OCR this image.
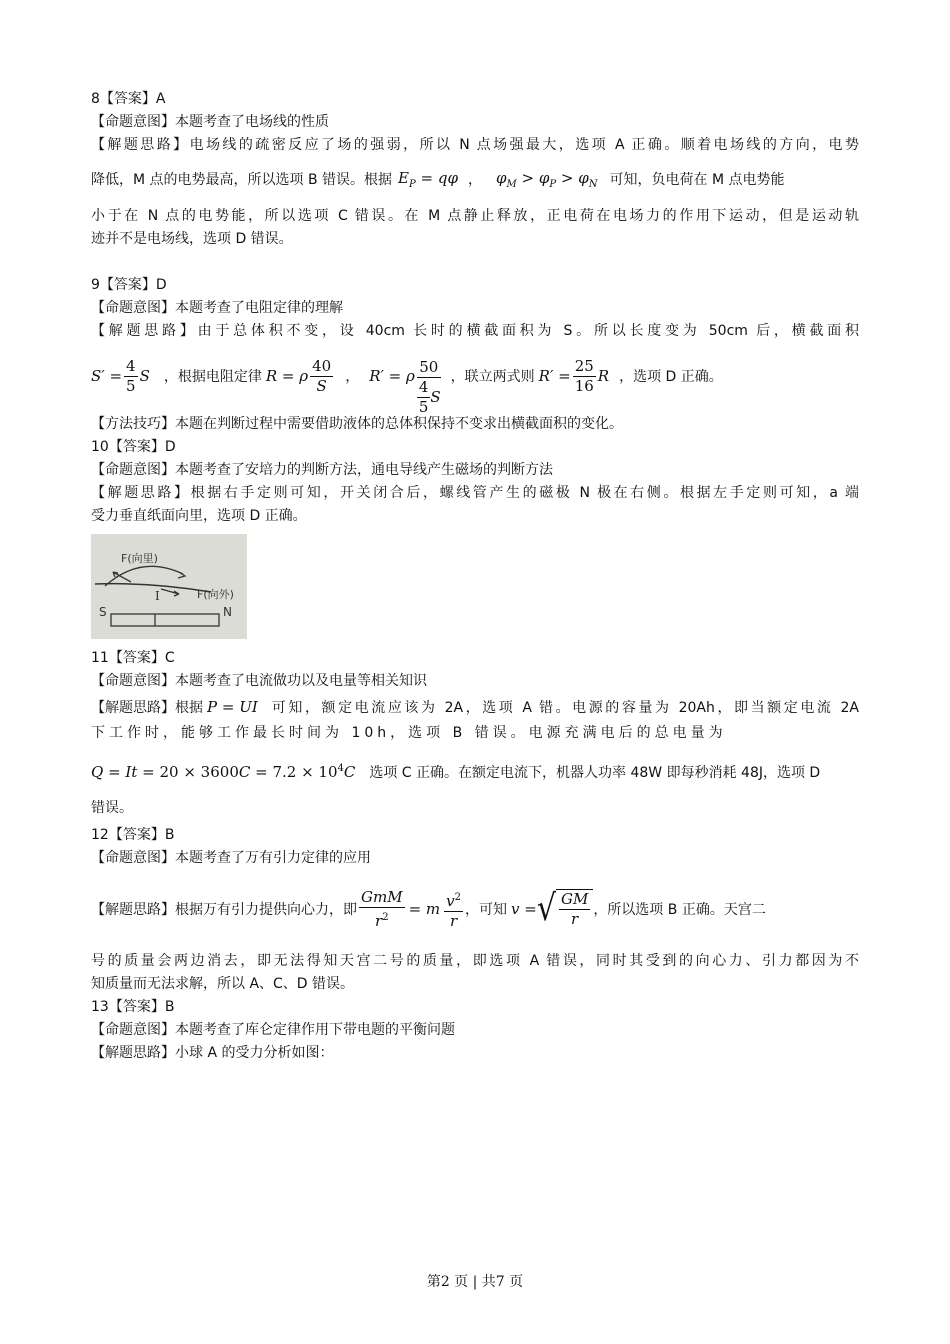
8【答案】A
【命题意图】本题考查了电场线的性质
【解题思路】电场线的疏密反应了场的强弱，所以 N 点场强最大，选项 A 正确。顺着电场线的方向，电势
降低，M 点的电势最高，所以选项 B 错误。根据 $E_P = q\varphi$ ， $\varphi_M > \varphi_P > \varphi_N$ 可知，负电荷在 M 点电势能
小于在 N 点的电势能，所以选项 C 错误。在 M 点静止释放，正电荷在电场力的作用下运动，但是运动轨
迹并不是电场线，选项 D 错误。
9【答案】D
【命题意图】本题考查了电阻定律的理解
【解题思路】由于总体积不变，设 40cm 长时的横截面积为 S。所以长度变为 50cm 后，横截面积
$S' = \frac{4}{5}$ S ，根据电阻定律 R = ρ $\frac{40}{S}$ ， R′ = ρ $\frac{50}{\frac{4}{5} S}$ ，联立两式则 $R' = \frac{25}{16}$ R ，选项 D 正确。
【方法技巧】本题在判断过程中需要借助液体的总体积保持不变求出横截面积的变化。
10【答案】D
【命题意图】本题考查了安培力的判断方法，通电导线产生磁场的判断方法
【解题思路】根据右手定则可知，开关闭合后，螺线管产生的磁极 N 极在右侧。根据左手定则可知，a 端
受力垂直纸面向里，选项 D 正确。
F(向里)
I	F(向外)
S	N
11【答案】C
【命题意图】本题考查了电流做功以及电量等相关知识
【解题思路】根据 P = UI 可知，额定电流应该为 2A，选项 A 错。电源的容量为 20Ah，即当额定电流 2A
下工作时，能够工作最长时间为 10h，选项 B 错误。电源充满电后的总电量为
$Q = It = 20 \times 3600C = 7.2 \times 10^4C$ 选项 C 正确。在额定电流下，机器人功率 48W 即每秒消耗 48J，选项 D
错误。
12【答案】B
【命题意图】本题考查了万有引力定律的应用
【解题思路】根据万有引力提供向心力，即 $\frac{\text{GmM}}{r^2} = m \frac{v^2}{r}$ ，可知 v = √ $\frac{GM}{r}$ ，所以选项 B 正确。天宫二
号的质量会两边消去，即无法得知天宫二号的质量，即选项 A 错误，同时其受到的向心力、引力都因为不
知质量而无法求解，所以 A、C、D 错误。
13【答案】B
【命题意图】本题考查了库仑定律作用下带电题的平衡问题
【解题思路】小球 A 的受力分析如图：
第2 页 | 共7 页
